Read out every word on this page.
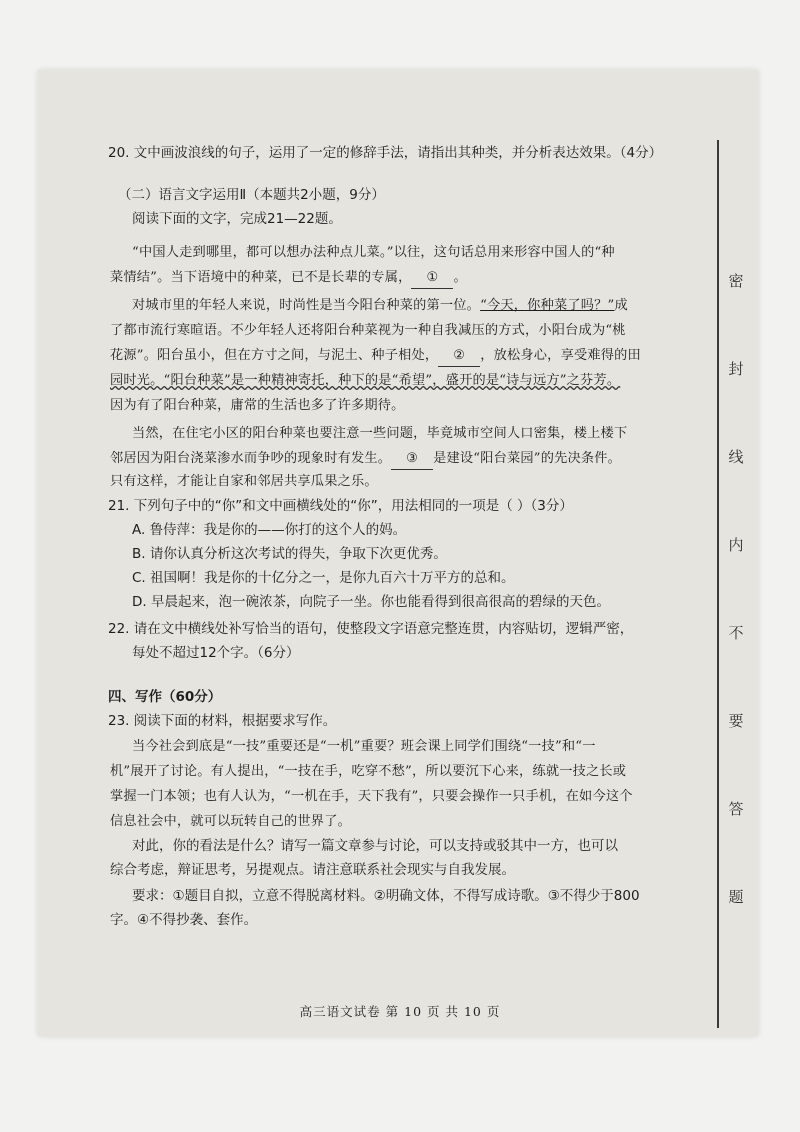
密
封
线
内
不
要
答
题
20. 文中画波浪线的句子，运用了一定的修辞手法，请指出其种类，并分析表达效果。（4分）
（二）语言文字运用Ⅱ（本题共2小题，9分）
阅读下面的文字，完成21—22题。
“中国人走到哪里，都可以想办法种点儿菜。”以往，这句话总用来形容中国人的“种
菜情结”。当下语境中的种菜，已不是长辈的专属， ① 。
对城市里的年轻人来说，时尚性是当今阳台种菜的第一位。“今天，你种菜了吗？”成
了都市流行寒暄语。不少年轻人还将阳台种菜视为一种自我减压的方式，小阳台成为“桃
花源”。阳台虽小，但在方寸之间，与泥土、种子相处， ② ，放松身心，享受难得的田
园时光。“阳台种菜”是一种精神寄托，种下的是“希望”，盛开的是“诗与远方”之芬芳。
因为有了阳台种菜，庸常的生活也多了许多期待。
当然，在住宅小区的阳台种菜也要注意一些问题，毕竟城市空间人口密集，楼上楼下
邻居因为阳台浇菜渗水而争吵的现象时有发生。 ③ 是建设“阳台菜园”的先决条件。
只有这样，才能让自家和邻居共享瓜果之乐。
21. 下列句子中的“你”和文中画横线处的“你”，用法相同的一项是（ ）（3分）
A. 鲁侍萍：我是你的——你打的这个人的妈。
B. 请你认真分析这次考试的得失，争取下次更优秀。
C. 祖国啊！我是你的十亿分之一，是你九百六十万平方的总和。
D. 早晨起来，泡一碗浓茶，向院子一坐。你也能看得到很高很高的碧绿的天色。
22. 请在文中横线处补写恰当的语句，使整段文字语意完整连贯，内容贴切，逻辑严密，
每处不超过12个字。（6分）
四、写作（60分）
23. 阅读下面的材料，根据要求写作。
当今社会到底是“一技”重要还是“一机”重要？班会课上同学们围绕“一技”和“一
机”展开了讨论。有人提出，“一技在手，吃穿不愁”，所以要沉下心来，练就一技之长或
掌握一门本领；也有人认为，“一机在手，天下我有”，只要会操作一只手机，在如今这个
信息社会中，就可以玩转自己的世界了。
对此，你的看法是什么？请写一篇文章参与讨论，可以支持或驳其中一方，也可以
综合考虑，辩证思考，另提观点。请注意联系社会现实与自我发展。
要求：①题目自拟，立意不得脱离材料。②明确文体，不得写成诗歌。③不得少于800
字。④不得抄袭、套作。
高三语文试卷 第 10 页 共 10 页
